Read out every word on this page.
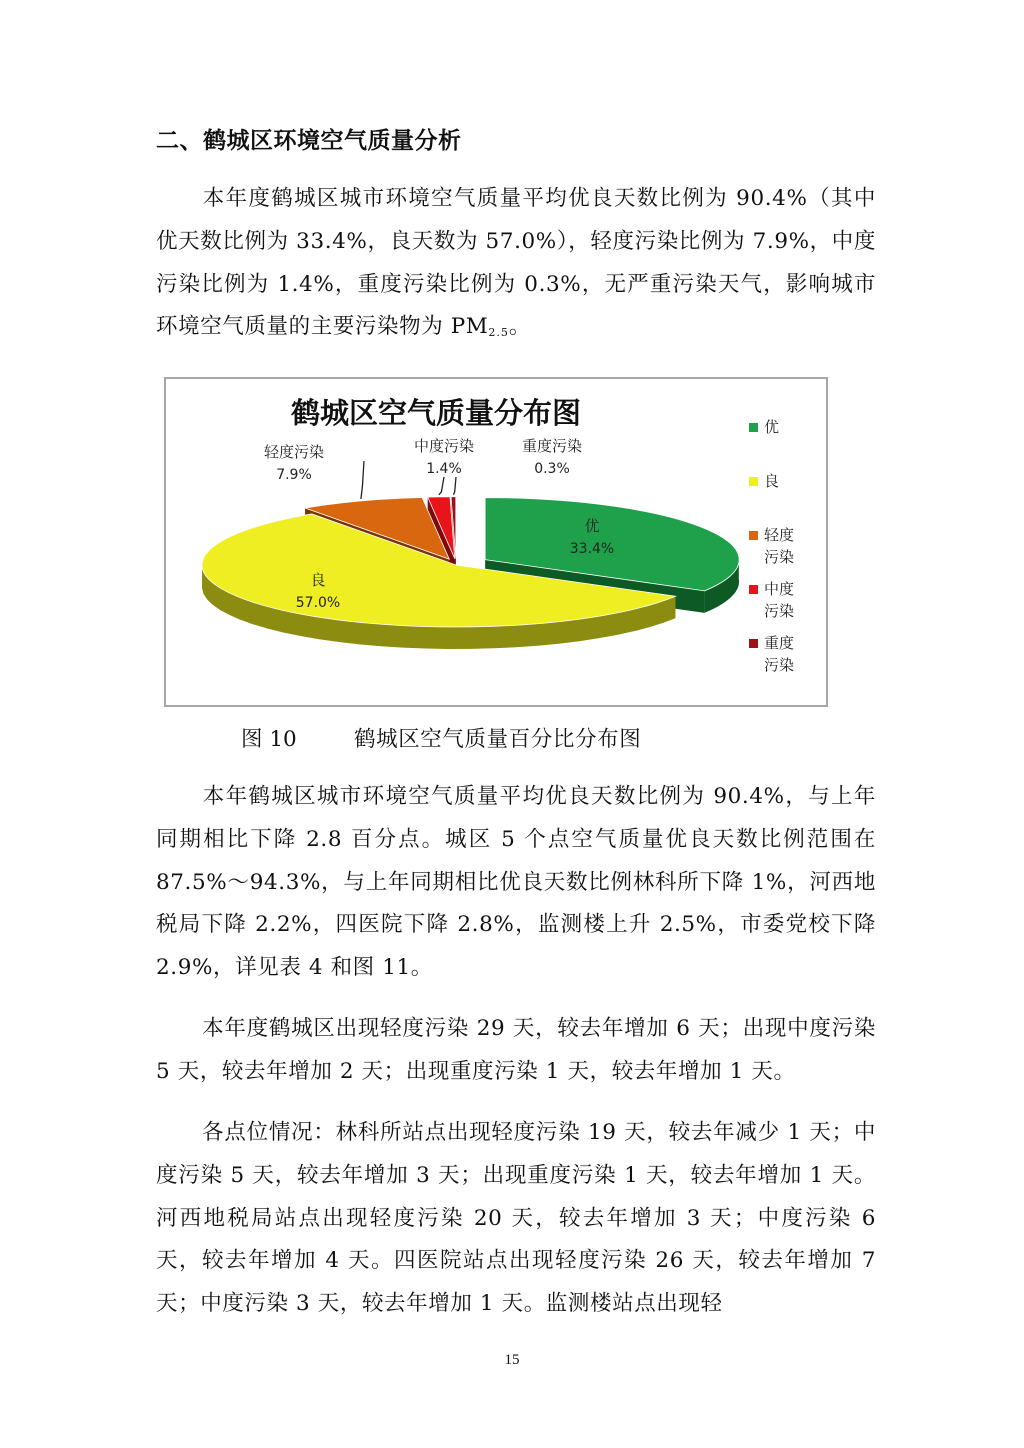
二、鹤城区环境空气质量分析
本年度鹤城区城市环境空气质量平均优良天数比例为 90.4%（其中优天数比例为 33.4%，良天数为 57.0%），轻度污染比例为 7.9%，中度污染比例为 1.4%，重度污染比例为 0.3%，无严重污染天气，影响城市环境空气质量的主要污染物为 $PM_{2.5}$。
鹤城区空气质量分布图
优
33.4%
良
57.0%
轻度污染
7.9%
中度污染
1.4%
重度污染
0.3%
优
良
轻度
污染
中度
污染
重度
污染
图 10	鹤城区空气质量百分比分布图
本年鹤城区城市环境空气质量平均优良天数比例为 90.4%，与上年同期相比下降 2.8 百分点。城区 5 个点空气质量优良天数比例范围在 87.5%～94.3%，与上年同期相比优良天数比例林科所下降 1%，河西地税局下降 2.2%，四医院下降 2.8%，监测楼上升 2.5%，市委党校下降 2.9%，详见表 4 和图 11。
本年度鹤城区出现轻度污染 29 天，较去年增加 6 天；出现中度污染 5 天，较去年增加 2 天；出现重度污染 1 天，较去年增加 1 天。
各点位情况：林科所站点出现轻度污染 19 天，较去年减少 1 天；中度污染 5 天，较去年增加 3 天；出现重度污染 1 天，较去年增加 1 天。河西地税局站点出现轻度污染 20 天，较去年增加 3 天；中度污染 6 天，较去年增加 4 天。四医院站点出现轻度污染 26 天，较去年增加 7 天；中度污染 3 天，较去年增加 1 天。监测楼站点出现轻
15
